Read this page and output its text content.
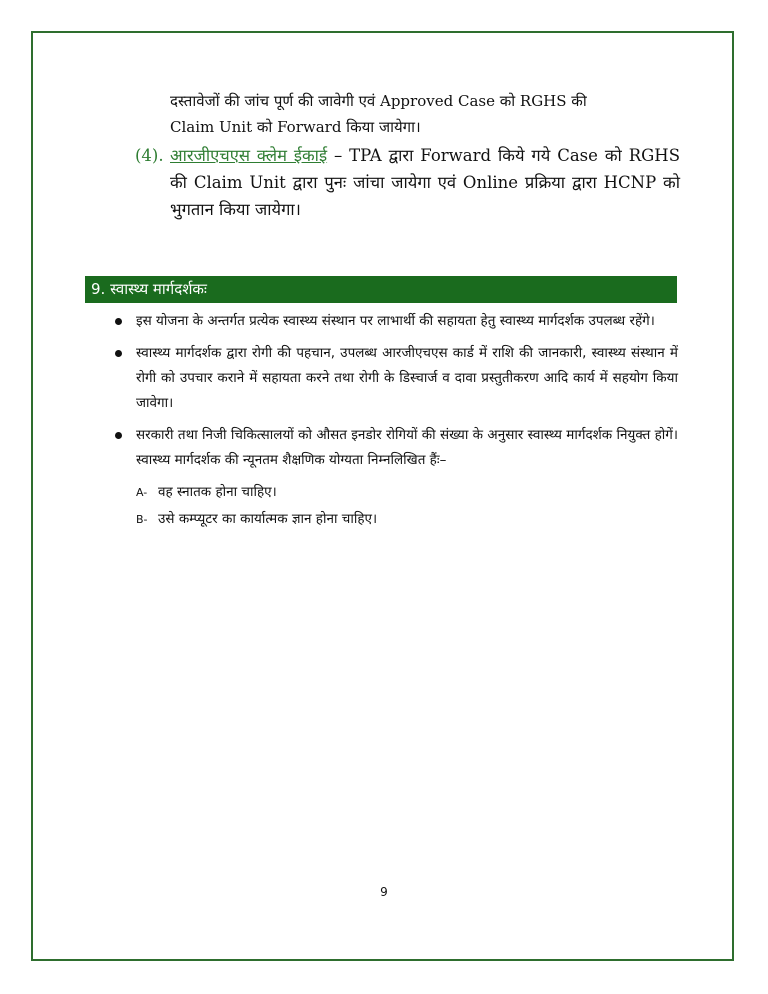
दस्तावेजों की जांच पूर्ण की जावेगी एवं Approved Case को RGHS की
Claim Unit को Forward किया जायेगा।
(4). आरजीएचएस क्लेम ईकाई – TPA द्वारा Forward किये गये Case को RGHS की Claim Unit द्वारा पुनः जांचा जायेगा एवं Online प्रक्रिया द्वारा HCNP को भुगतान किया जायेगा।
9. स्वास्थ्य मार्गदर्शकः
इस योजना के अन्तर्गत प्रत्येक स्वास्थ्य संस्थान पर लाभार्थी की सहायता हेतु स्वास्थ्य मार्गदर्शक उपलब्ध रहेंगे।
स्वास्थ्य मार्गदर्शक द्वारा रोगी की पहचान, उपलब्ध आरजीएचएस कार्ड में राशि की जानकारी, स्वास्थ्य संस्थान में रोगी को उपचार कराने में सहायता करने तथा रोगी के डिस्चार्ज व दावा प्रस्तुतीकरण आदि कार्य में सहयोग किया जावेगा।
सरकारी तथा निजी चिकित्सालयों को औसत इनडोर रोगियों की संख्या के अनुसार स्वास्थ्य मार्गदर्शक नियुक्त होगें। स्वास्थ्य मार्गदर्शक की न्यूनतम शैक्षणिक योग्यता निम्नलिखित हैंः–
A- वह स्नातक होना चाहिए।
B- उसे कम्प्यूटर का कार्यात्मक ज्ञान होना चाहिए।
9
